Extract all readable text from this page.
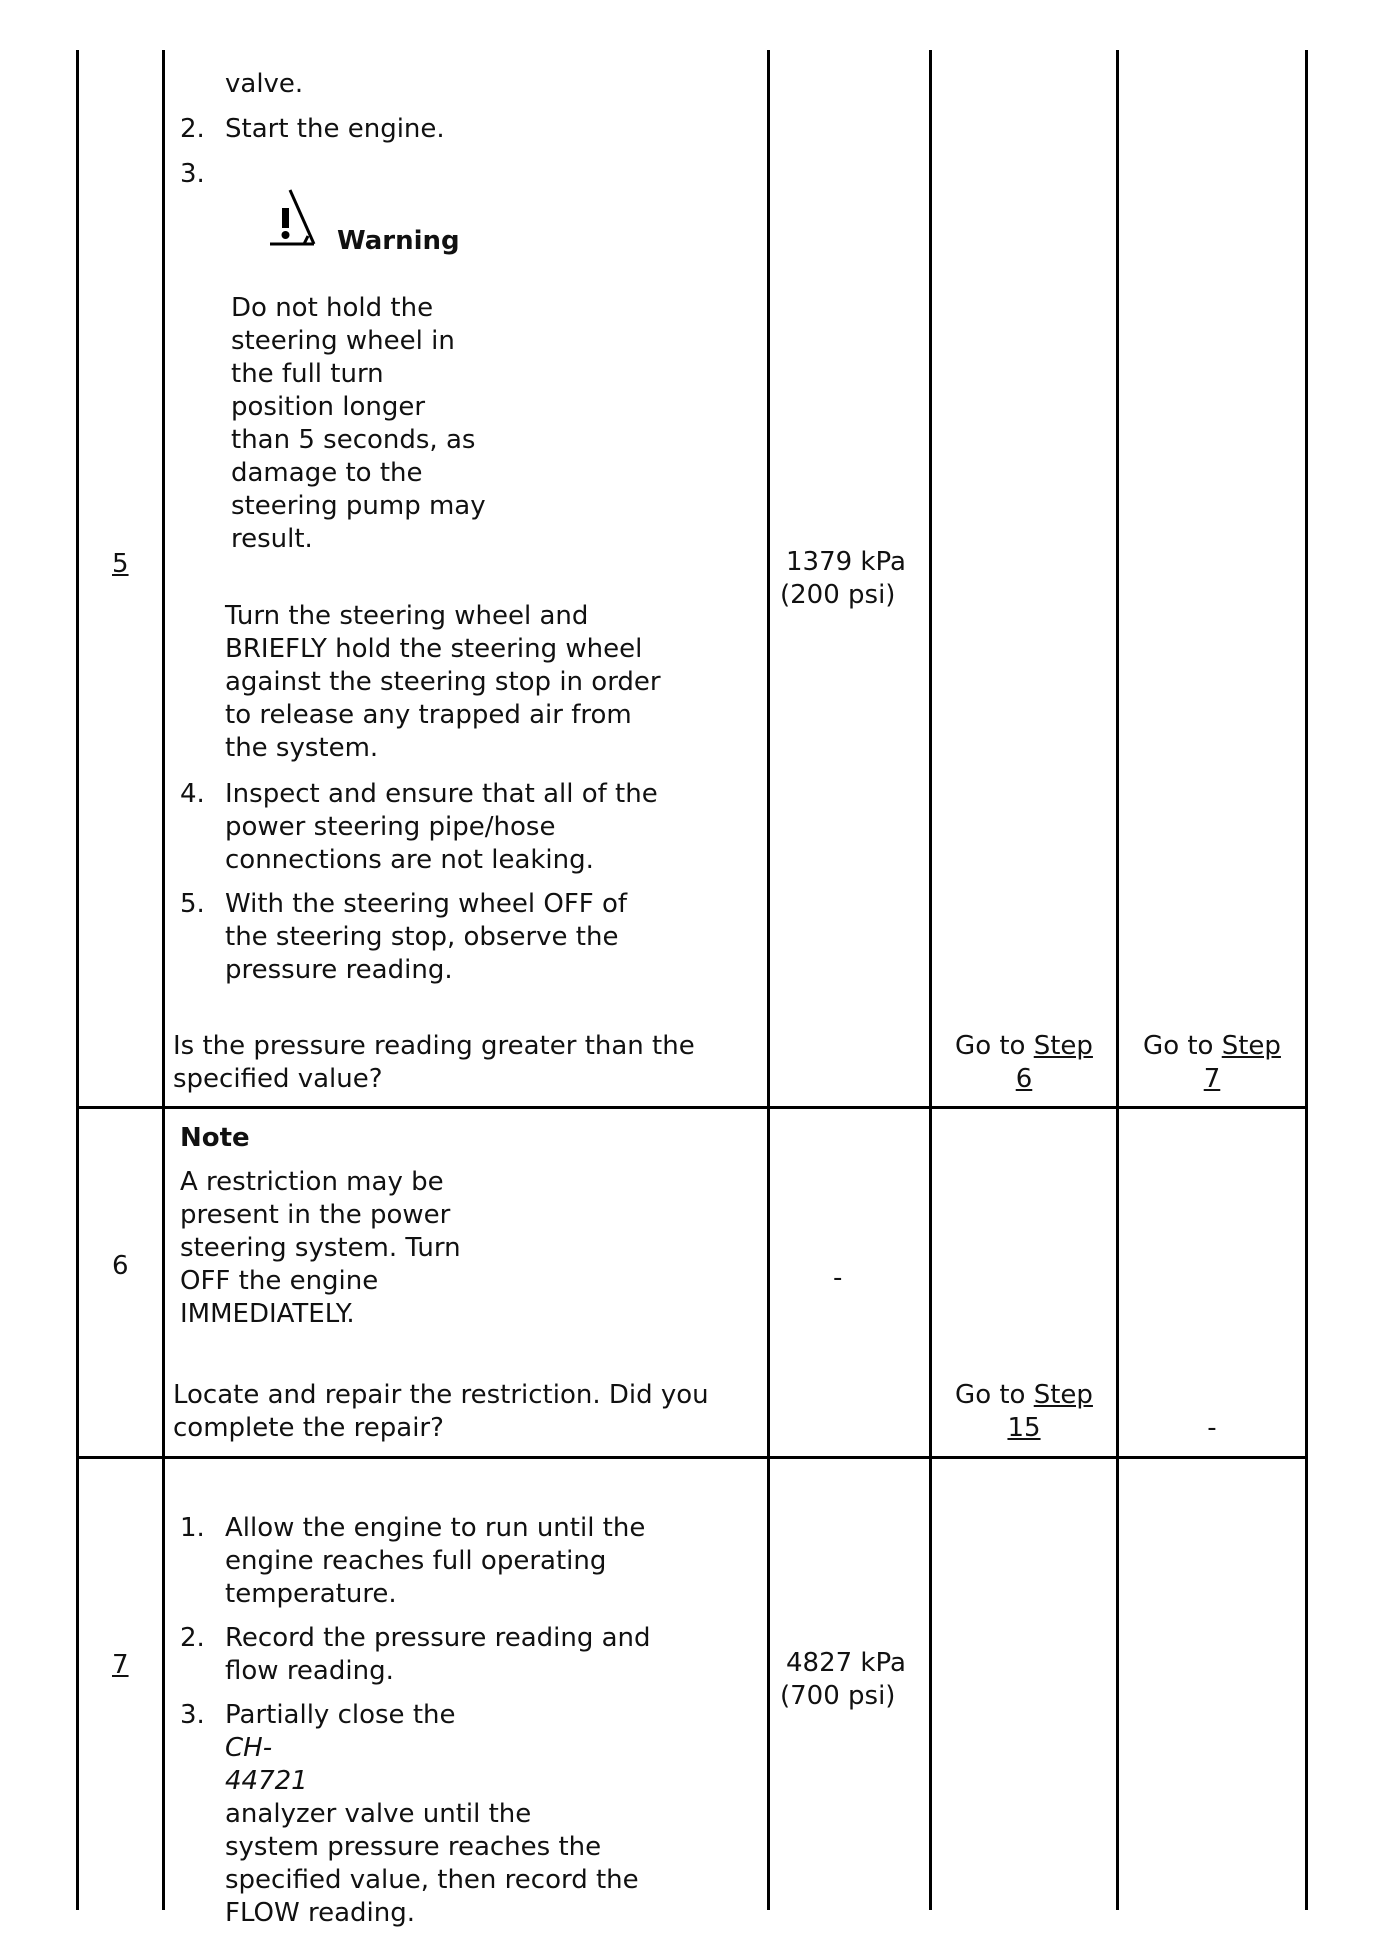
5
valve.
2. Start the engine.
3.
Warning
Do not hold the
steering wheel in
the full turn
position longer
than 5 seconds, as
damage to the
steering pump may
result.
Turn the steering wheel and
BRIEFLY hold the steering wheel
against the steering stop in order
to release any trapped air from
the system.
4. Inspect and ensure that all of the
power steering pipe/hose
connections are not leaking.
5. With the steering wheel OFF of
the steering stop, observe the
pressure reading.
Is the pressure reading greater than the
specified value?
1379 kPa
(200 psi)
Go to Step
6
Go to Step
7
6
Note
A restriction may be
present in the power
steering system. Turn
OFF the engine
IMMEDIATELY.
Locate and repair the restriction. Did you
complete the repair?
-
Go to Step
15	-
7
1. Allow the engine to run until the
engine reaches full operating
temperature.
2. Record the pressure reading and
flow reading.
3. Partially close the
CH-
44721
analyzer valve until the
system pressure reaches the
specified value, then record the
FLOW reading.
4827 kPa
(700 psi)
